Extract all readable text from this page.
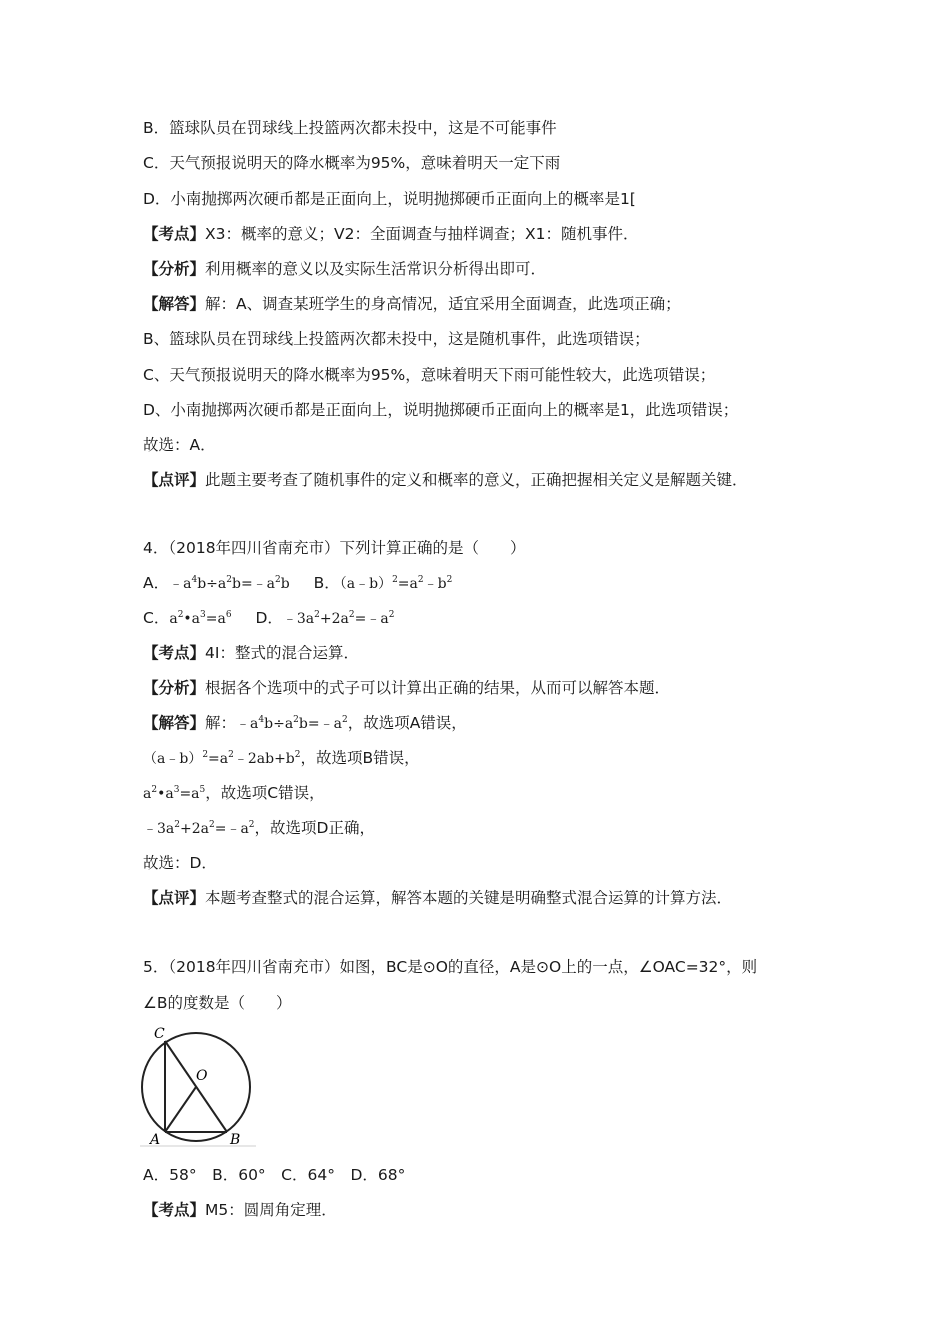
B．篮球队员在罚球线上投篮两次都未投中，这是不可能事件
C．天气预报说明天的降水概率为95%，意味着明天一定下雨
D．小南抛掷两次硬币都是正面向上，说明抛掷硬币正面向上的概率是1[
【考点】X3：概率的意义；V2：全面调查与抽样调查；X1：随机事件．
【分析】利用概率的意义以及实际生活常识分析得出即可．
【解答】解：A、调查某班学生的身高情况，适宜采用全面调查，此选项正确；
B、篮球队员在罚球线上投篮两次都未投中，这是随机事件，此选项错误；
C、天气预报说明天的降水概率为95%，意味着明天下雨可能性较大，此选项错误；
D、小南抛掷两次硬币都是正面向上，说明抛掷硬币正面向上的概率是1，此选项错误；
故选：A．
【点评】此题主要考查了随机事件的定义和概率的意义，正确把握相关定义是解题关键．
4．（2018年四川省南充市）下列计算正确的是（　　）
A．$﹣a^4b\div a^2b=﹣a^2b$ B．$(a﹣b)^2=a^2﹣b^2$
C．$a^2•a^3=a^6$ D．$﹣3a^2+2a^2=﹣a^2$
【考点】4I：整式的混合运算．
【分析】根据各个选项中的式子可以计算出正确的结果，从而可以解答本题．
【解答】解：$﹣a^4b\div a^2b=﹣a^2$，故选项A错误，
$(a﹣b)^2=a^2﹣2ab+b^2$，故选项B错误，
$a^2•a^3=a^5$，故选项C错误，
$﹣3a^2+2a^2=﹣a^2$，故选项D正确，
故选：D．
【点评】本题考查整式的混合运算，解答本题的关键是明确整式混合运算的计算方法．
5．（2018年四川省南充市）如图，BC是⊙O的直径，A是⊙O上的一点，∠OAC=32°，则
∠B的度数是（　　）
C
O
A	B
A．58°　B．60°　C．64°　D．68°
【考点】M5：圆周角定理．
